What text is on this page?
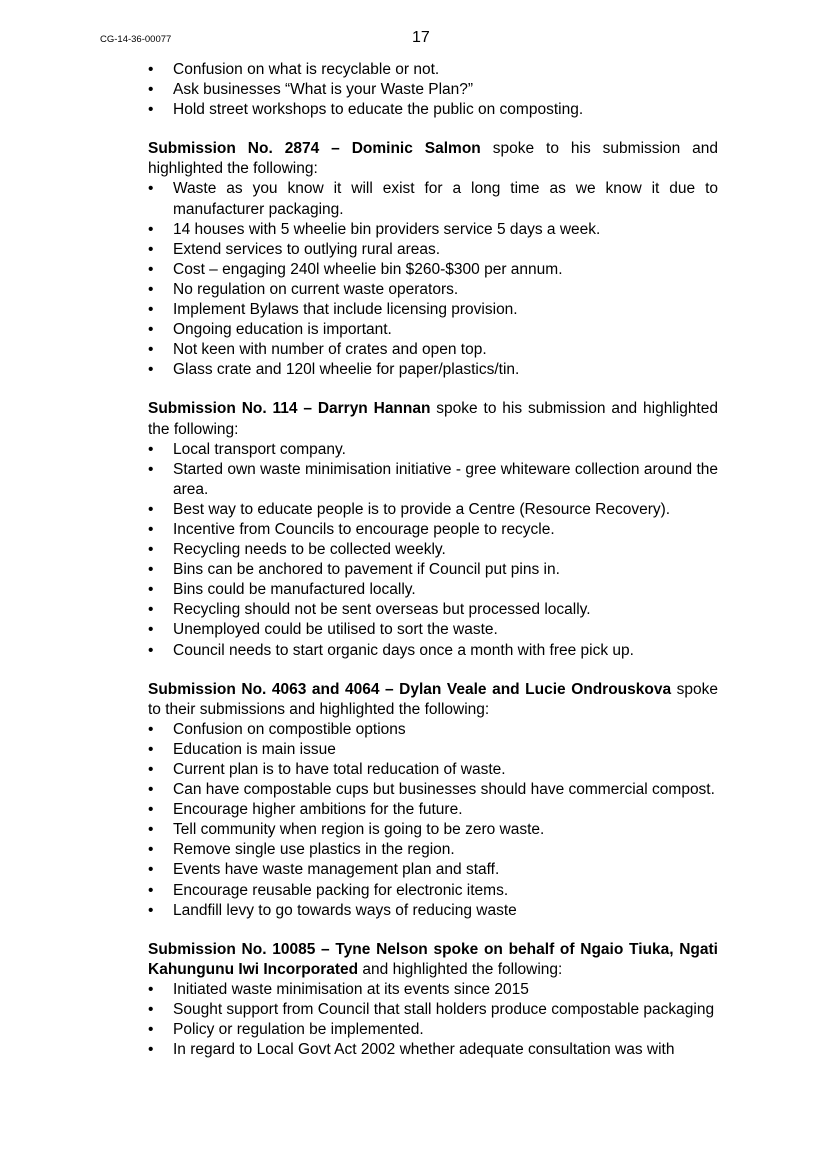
CG-14-36-00077	17
• Confusion on what is recyclable or not.
• Ask businesses “What is your Waste Plan?”
• Hold street workshops to educate the public on composting.

Submission No. 2874 – Dominic Salmon spoke to his submission and highlighted the following:

• Waste as you know it will exist for a long time as we know it due to manufacturer packaging.
• 14 houses with 5 wheelie bin providers service 5 days a week.
• Extend services to outlying rural areas.
• Cost – engaging 240l wheelie bin $260-$300 per annum.
• No regulation on current waste operators.
• Implement Bylaws that include licensing provision.
• Ongoing education is important.
• Not keen with number of crates and open top.
• Glass crate and 120l wheelie for paper/plastics/tin.

Submission No. 114 – Darryn Hannan spoke to his submission and highlighted the following:

• Local transport company.
• Started own waste minimisation initiative - gree whiteware collection around the area.
• Best way to educate people is to provide a Centre (Resource Recovery).
• Incentive from Councils to encourage people to recycle.
• Recycling needs to be collected weekly.
• Bins can be anchored to pavement if Council put pins in.
• Bins could be manufactured locally.
• Recycling should not be sent overseas but processed locally.
• Unemployed could be utilised to sort the waste.
• Council needs to start organic days once a month with free pick up.

Submission No. 4063 and 4064 – Dylan Veale and Lucie Ondrouskova spoke to their submissions and highlighted the following:

• Confusion on compostible options
• Education is main issue
• Current plan is to have total reducation of waste.
• Can have compostable cups but businesses should have commercial compost.
• Encourage higher ambitions for the future.
• Tell community when region is going to be zero waste.
• Remove single use plastics in the region.
• Events have waste management plan and staff.
• Encourage reusable packing for electronic items.
• Landfill levy to go towards ways of reducing waste

Submission No. 10085 – Tyne Nelson spoke on behalf of Ngaio Tiuka, Ngati Kahungunu Iwi Incorporated and highlighted the following:

• Initiated waste minimisation at its events since 2015
• Sought support from Council that stall holders produce compostable packaging
• Policy or regulation be implemented.
• In regard to Local Govt Act 2002 whether adequate consultation was with
